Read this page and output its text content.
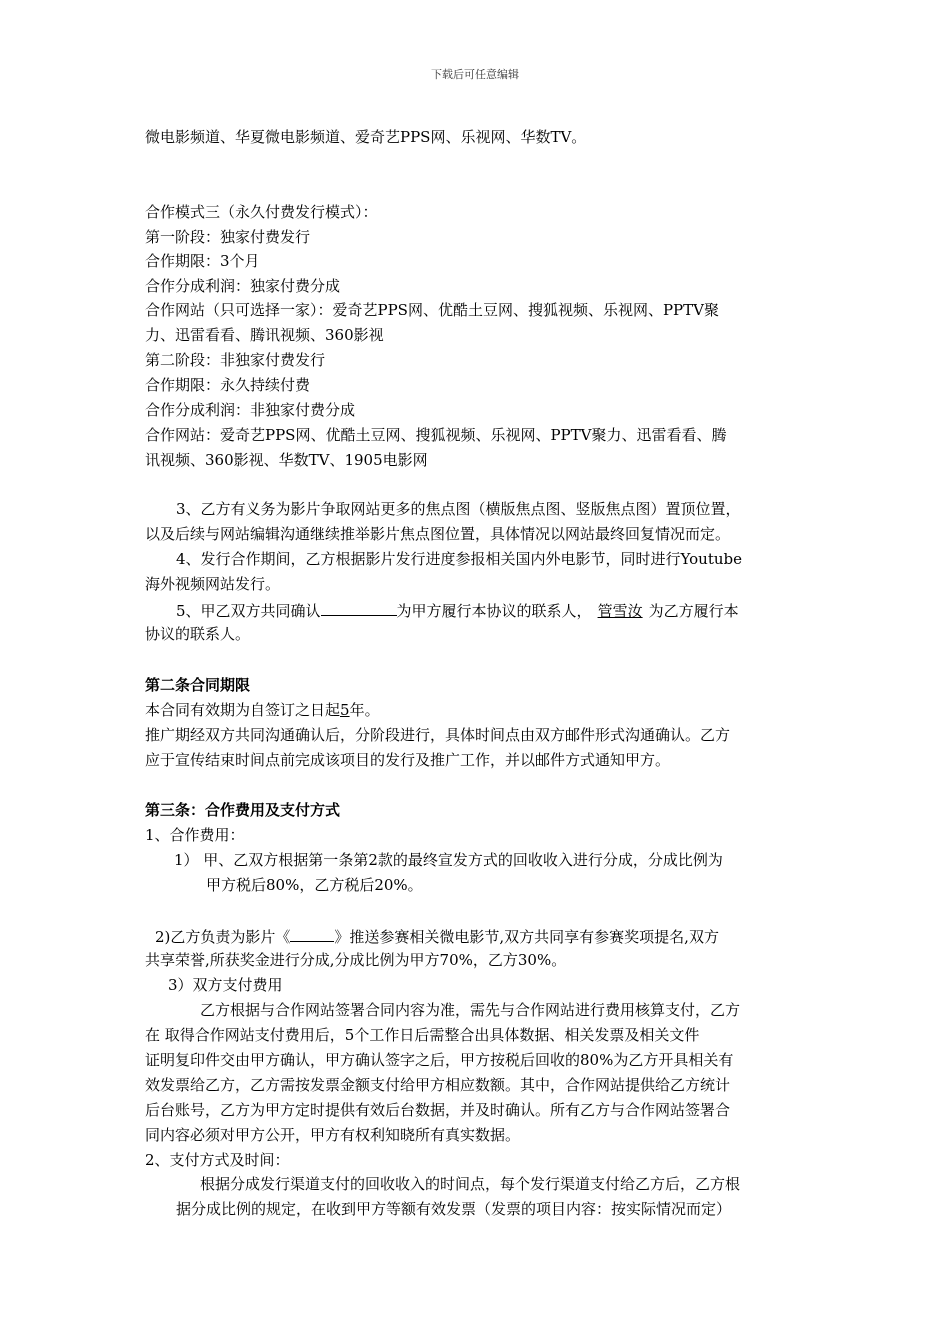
下载后可任意编辑
微电影频道、华夏微电影频道、爱奇艺PPS网、乐视网、华数TV。
合作模式三（永久付费发行模式）：
第一阶段：独家付费发行
合作期限：3个月
合作分成利润：独家付费分成
合作网站（只可选择一家）：爱奇艺PPS网、优酷土豆网、搜狐视频、乐视网、PPTV聚
力、迅雷看看、腾讯视频、360影视
第二阶段：非独家付费发行
合作期限：永久持续付费
合作分成利润：非独家付费分成
合作网站：爱奇艺PPS网、优酷土豆网、搜狐视频、乐视网、PPTV聚力、迅雷看看、腾
讯视频、360影视、华数TV、1905电影网
3、乙方有义务为影片争取网站更多的焦点图（横版焦点图、竖版焦点图）置顶位置，
以及后续与网站编辑沟通继续推举影片焦点图位置，具体情况以网站最终回复情况而定。
4、发行合作期间，乙方根据影片发行进度参报相关国内外电影节，同时进行Youtube
海外视频网站发行。
5、甲乙双方共同确认	为甲方履行本协议的联系人， 管雪汝 为乙方履行本
协议的联系人。
第二条合同期限
本合同有效期为自签订之日起5年。
推广期经双方共同沟通确认后，分阶段进行，具体时间点由双方邮件形式沟通确认。乙方
应于宣传结束时间点前完成该项目的发行及推广工作，并以邮件方式通知甲方。
第三条：合作费用及支付方式
1、合作费用：
1） 甲、乙双方根据第一条第2款的最终宣发方式的回收收入进行分成，分成比例为
甲方税后80%，乙方税后20%。
2)乙方负责为影片《	》推送参赛相关微电影节,双方共同享有参赛奖项提名,双方
共享荣誉,所获奖金进行分成,分成比例为甲方70%，乙方30%。
3）双方支付费用
乙方根据与合作网站签署合同内容为准，需先与合作网站进行费用核算支付，乙方
在 取得合作网站支付费用后，5个工作日后需整合出具体数据、相关发票及相关文件
证明复印件交由甲方确认，甲方确认签字之后，甲方按税后回收的80%为乙方开具相关有
效发票给乙方，乙方需按发票金额支付给甲方相应数额。其中，合作网站提供给乙方统计
后台账号，乙方为甲方定时提供有效后台数据，并及时确认。所有乙方与合作网站签署合
同内容必须对甲方公开，甲方有权利知晓所有真实数据。
2、支付方式及时间：
根据分成发行渠道支付的回收收入的时间点，每个发行渠道支付给乙方后，乙方根
据分成比例的规定，在收到甲方等额有效发票（发票的项目内容：按实际情况而定）
